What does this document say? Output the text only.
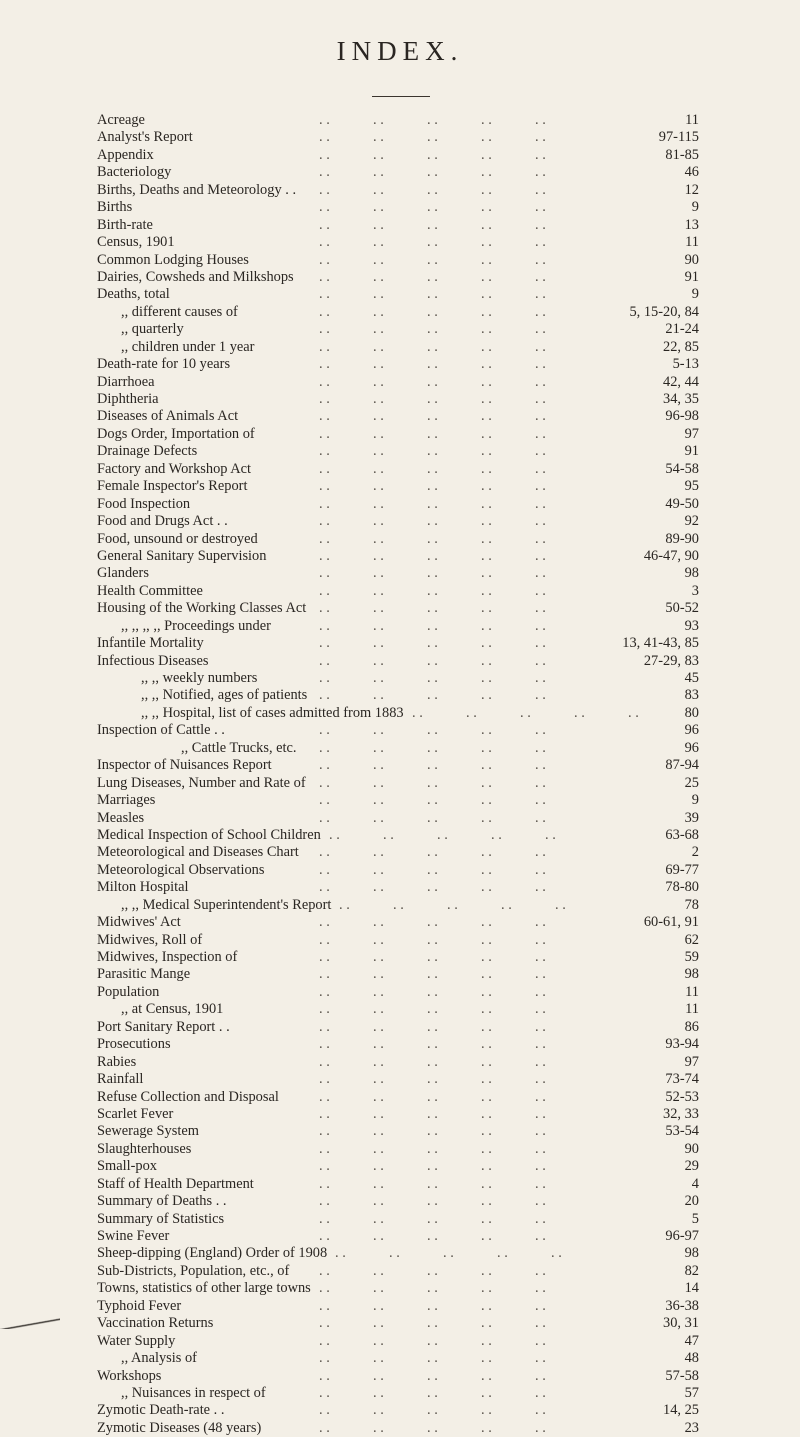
INDEX.
Acreage	. .	. .	. .	. .	. .	11
Analyst's Report	. .	. .	. .	. .	. .	97-115
Appendix	. .	. .	. .	. .	. .	81-85
Bacteriology	. .	. .	. .	. .	. .	46
Births, Deaths and Meteorology . . . .	. .	. .	. .	. .	12
Births	. .	. .	. .	. .	. .	9
Birth-rate	. .	. .	. .	. .	. .	13
Census, 1901	. .	. .	. .	. .	. .	11
Common Lodging Houses	. .	. .	. .	. .	. .	90
Dairies, Cowsheds and Milkshops . .	. .	. .	. .	. .	91
Deaths, total	. .	. .	. .	. .	. .	9
,, different causes of	. .	. .	. .	. .	. .	5, 15-20, 84
,, quarterly	. .	. .	. .	. .	. .	21-24
,, children under 1 year	. .	. .	. .	. .	. .	22, 85
Death-rate for 10 years	. .	. .	. .	. .	. .	5-13
Diarrhoea	. .	. .	. .	. .	. .	42, 44
Diphtheria	. .	. .	. .	. .	. .	34, 35
Diseases of Animals Act	. .	. .	. .	. .	. .	96-98
Dogs Order, Importation of	. .	. .	. .	. .	. .	97
Drainage Defects	. .	. .	. .	. .	. .	91
Factory and Workshop Act	. .	. .	. .	. .	. .	54-58
Female Inspector's Report	. .	. .	. .	. .	. .	95
Food Inspection	. .	. .	. .	. .	. .	49-50
Food and Drugs Act . .	. .	. .	. .	. .	. .	92
Food, unsound or destroyed	. .	. .	. .	. .	. .	89-90
General Sanitary Supervision	. .	. .	. .	. .	. .	46-47, 90
Glanders	. .	. .	. .	. .	. .	98
Health Committee	. .	. .	. .	. .	. .	3
Housing of the Working Classes Act . .	. .	. .	. .	. .	50-52
,, ,, ,, ,, Proceedings under	. .	. .	. .	. .	. .	93
Infantile Mortality	. .	. .	. .	. .	. .	13, 41-43, 85
Infectious Diseases	. .	. .	. .	. .	. .	27-29, 83
,, ,, weekly numbers	. .	. .	. .	. .	. .	45
,, ,, Notified, ages of patients . .	. .	. .	. .	. .	83
,, ,, Hospital, list of cases admitted from 1883 . .	. .	. .	. .	. .	80
Inspection of Cattle . .	. .	. .	. .	. .	. .	96
,, Cattle Trucks, etc. . .	. .	. .	. .	. .	96
Inspector of Nuisances Report	. .	. .	. .	. .	. .	87-94
Lung Diseases, Number and Rate of . .	. .	. .	. .	. .	25
Marriages	. .	. .	. .	. .	. .	9
Measles	. .	. .	. .	. .	. .	39
Medical Inspection of School Children . .	. .	. .	. .	. .	63-68
Meteorological and Diseases Chart . .	. .	. .	. .	. .	2
Meteorological Observations	. .	. .	. .	. .	. .	69-77
Milton Hospital	. .	. .	. .	. .	. .	78-80
,, ,, Medical Superintendent's Report . .	. .	. .	. .	. .	78
Midwives' Act	. .	. .	. .	. .	. .	60-61, 91
Midwives, Roll of	. .	. .	. .	. .	. .	62
Midwives, Inspection of	. .	. .	. .	. .	. .	59
Parasitic Mange	. .	. .	. .	. .	. .	98
Population	. .	. .	. .	. .	. .	11
,, at Census, 1901	. .	. .	. .	. .	. .	11
Port Sanitary Report . .	. .	. .	. .	. .	. .	86
Prosecutions	. .	. .	. .	. .	. .	93-94
Rabies	. .	. .	. .	. .	. .	97
Rainfall	. .	. .	. .	. .	. .	73-74
Refuse Collection and Disposal	. .	. .	. .	. .	. .	52-53
Scarlet Fever	. .	. .	. .	. .	. .	32, 33
Sewerage System	. .	. .	. .	. .	. .	53-54
Slaughterhouses	. .	. .	. .	. .	. .	90
Small-pox	. .	. .	. .	. .	. .	29
Staff of Health Department	. .	. .	. .	. .	. .	4
Summary of Deaths . .	. .	. .	. .	. .	. .	20
Summary of Statistics	. .	. .	. .	. .	. .	5
Swine Fever	. .	. .	. .	. .	. .	96-97
Sheep-dipping (England) Order of 1908 . .	. .	. .	. .	. .	98
Sub-Districts, Population, etc., of . .	. .	. .	. .	. .	82
Towns, statistics of other large towns . .	. .	. .	. .	. .	14
Typhoid Fever	. .	. .	. .	. .	. .	36-38
Vaccination Returns	. .	. .	. .	. .	. .	30, 31
Water Supply	. .	. .	. .	. .	. .	47
,, Analysis of	. .	. .	. .	. .	. .	48
Workshops	. .	. .	. .	. .	. .	57-58
,, Nuisances in respect of	. .	. .	. .	. .	. .	57
Zymotic Death-rate . .	. .	. .	. .	. .	. .	14, 25
Zymotic Diseases (48 years)	. .	. .	. .	. .	. .	23
